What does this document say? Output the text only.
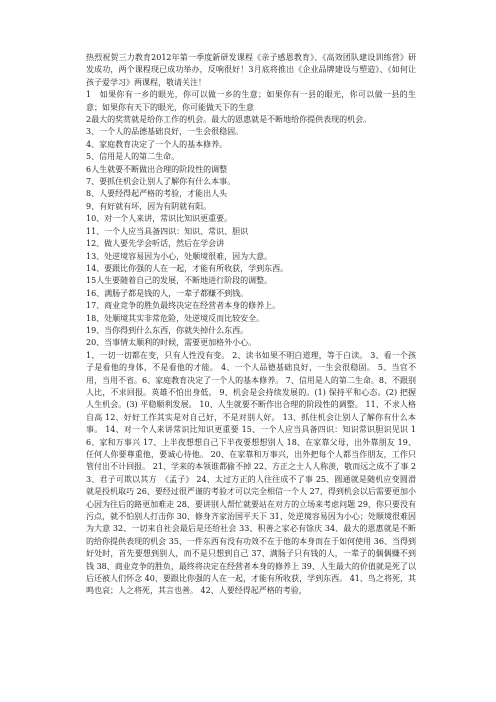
热烈祝贺三力教育2012年第一季度新研发课程《亲子感恩教育》、《高效团队建设训练营》研发成功，两个课程现已成功举办，反响很好！3月底将推出《企业品牌建设与塑造》、《如何让孩子爱学习》两课程，敬请关注！

1　如果你有一乡的眼光，你可以做一乡的生意；如果你有一县的眼光，你可以做一县的生意；如果你有天下的眼光，你可能做天下的生意

2最大的奖赏就是给你工作的机会。最大的恩惠就是不断地给你提供表现的机会。

3、一个人的品德基础良好，一生会很稳固。

4、家庭教育决定了一个人的基本修养。

5、信用是人的第二生命。

6人生就要不断做出合理的阶段性的调整

7、要抓住机会让别人了解你有什么本事。

8、人要经得起严格的考验，才能出人头

9、有好就有坏，因为有阴就有阳。

10、对一个人来讲，常识比知识更重要。

11、一个人应当具备四识：知识、常识、胆识

12、做人要先学会听话，然后在学会讲

13、处逆境容易因为小心，处顺境很难，因为大意。

14、要跟比你强的人在一起，才能有所收获，学到东西。

15人生要随着自己的发展，不断地进行阶段的调整。

16、满肠子都是钱的人，一辈子都赚不到钱。

17、商业竞争的胜负最终决定在经营者本身的修养上。

18、处顺境其实非常危险，处逆境反而比较安全。

19、当你得到什么东西，你就失掉什么东西。

20、当事情太顺利的时候，需要更加格外小心。

1、一切一切都在变，只有人性没有变。 2、读书如果不明白道理，等于白读。 3、看一个孩子是看他的身体，不是看他的才能。 4、一个人品德基础良好，一生会很稳固。 5、当官不用，当用不省。6、家庭教育决定了一个人的基本修养。 7、信用是人的第二生命。8、不跟别人比，不求回报。英雄不怕出身低。 9、机会是会持续发展的。(1) 保持平和心态。(2) 把握人生机会。(3) 平稳顺利发展。 10、人生就要不断作出合理的阶段性的调整。 11、不求人格自高 12、好好工作其实是对自己好，不是对别人好。 13、抓住机会让别人了解你有什么本事。 14、对一个人来讲常识比知识更重要 15、一个人应当具备四识：知识常识胆识见识 16、家和万事兴 17、上半夜想想自己下半夜要想想别人 18、在家靠父母，出外靠朋友 19、任何人你要尊重他，要诚心待他。 20、在家靠和万事兴，出外把每个人都当作朋友，工作只管付出不计回报。 21、学来的本领谁都偷不掉 22、方正之士人人称羡，敬而远之成不了事 23、君子可欺以其方　《孟子》 24、太过方正的人往往成不了事 25、圆通就是随机应变圆滑就是投机取巧 26、要经过很严谨的考验才可以完全相信一个人 27、得到机会以后需要更加小心因为往后的路更加难走 28、要讲别人帮忙就要站在对方的立场来考虑问题 29、你只要没有污点，就不怕别人打击你 30、修身齐家治国平天下 31、处逆境容易因为小心；处顺境很难因为大意 32、一切来自社会最后是还给社会 33、积善之家必有馀庆 34、最大的恩惠就是不断的给你提供表现的机会 35、一件东西有没有功效不在于他的本身而在于如何使用 36、当得到好处时，首先要想到别人，而不是只想到自己 37、满肠子只有钱的人，一辈子的偶偶赚不到钱 38、商业竞争的胜负，最终将决定在经营者本身的修养上 39、人生最大的价值就是死了以后还被人们怀念 40、要跟比你强的人在一起，才能有所收获，学到东西。 41、鸟之将死，其鸣也哀；人之将死，其言也善。 42、人要经得起严格的考验，
